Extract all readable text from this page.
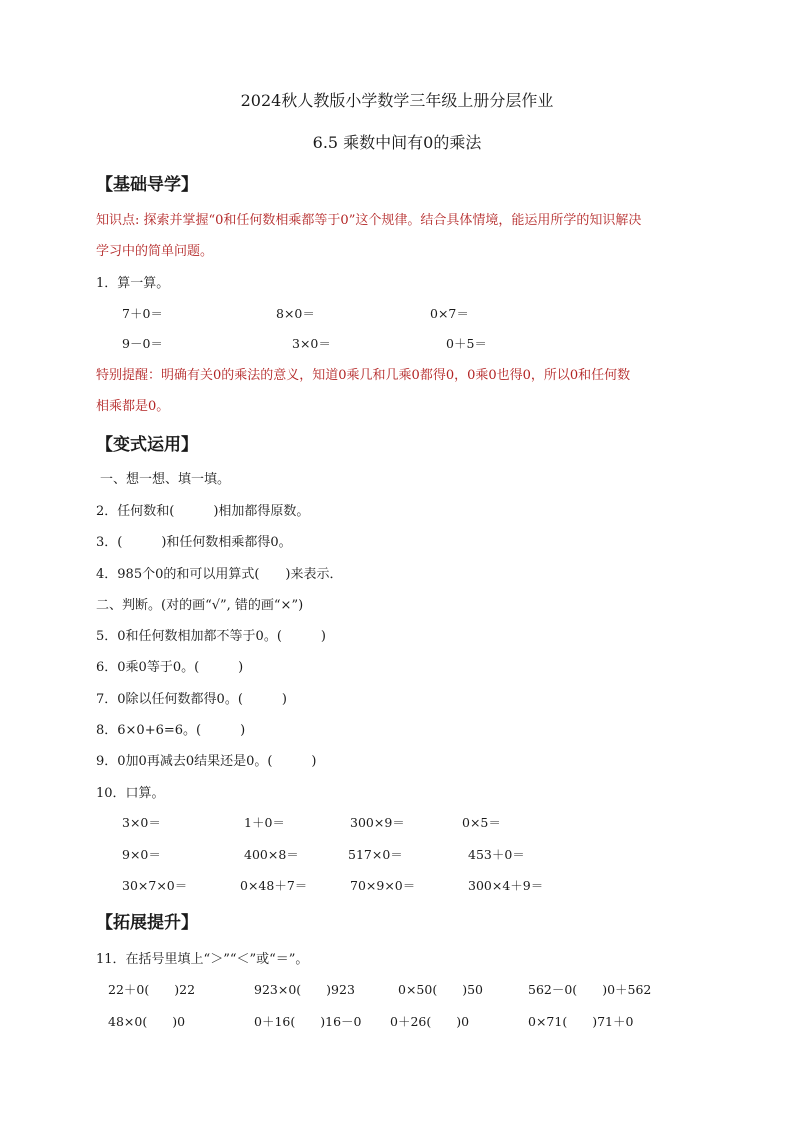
2024秋人教版小学数学三年级上册分层作业
6.5 乘数中间有0的乘法
【基础导学】
知识点: 探索并掌握“0和任何数相乘都等于0”这个规律。结合具体情境，能运用所学的知识解决
学习中的简单问题。
1．算一算。
7＋0＝	8×0＝	0×7＝
9－0＝	3×0＝	0＋5＝
特别提醒：明确有关0的乘法的意义，知道0乘几和几乘0都得0，0乘0也得0，所以0和任何数
相乘都是0。
【变式运用】
一、想一想、填一填。
2．任何数和(　　　)相加都得原数。
3．(　　　)和任何数相乘都得0。
4．985个0的和可以用算式(　　)来表示．
二、判断。(对的画“√”, 错的画“×”)
5．0和任何数相加都不等于0。(　　　)
6．0乘0等于0。(　　　)
7．0除以任何数都得0。(　　　)
8．6×0+6=6。(　　　)
9．0加0再减去0结果还是0。(　　　)
10．口算。
3×0＝	1＋0＝	300×9＝	0×5＝
9×0＝	400×8＝	517×0＝	453＋0＝
30×7×0＝	0×48＋7＝	70×9×0＝	300×4＋9＝
【拓展提升】
11．在括号里填上“＞”“＜”或“＝”。
22＋0(　　)22	923×0(　　)923	0×50(　　)50	562－0(　　)0＋562
48×0(　　)0	0＋16(　　)16－0 0＋26(　　)0	0×71(　　)71＋0
